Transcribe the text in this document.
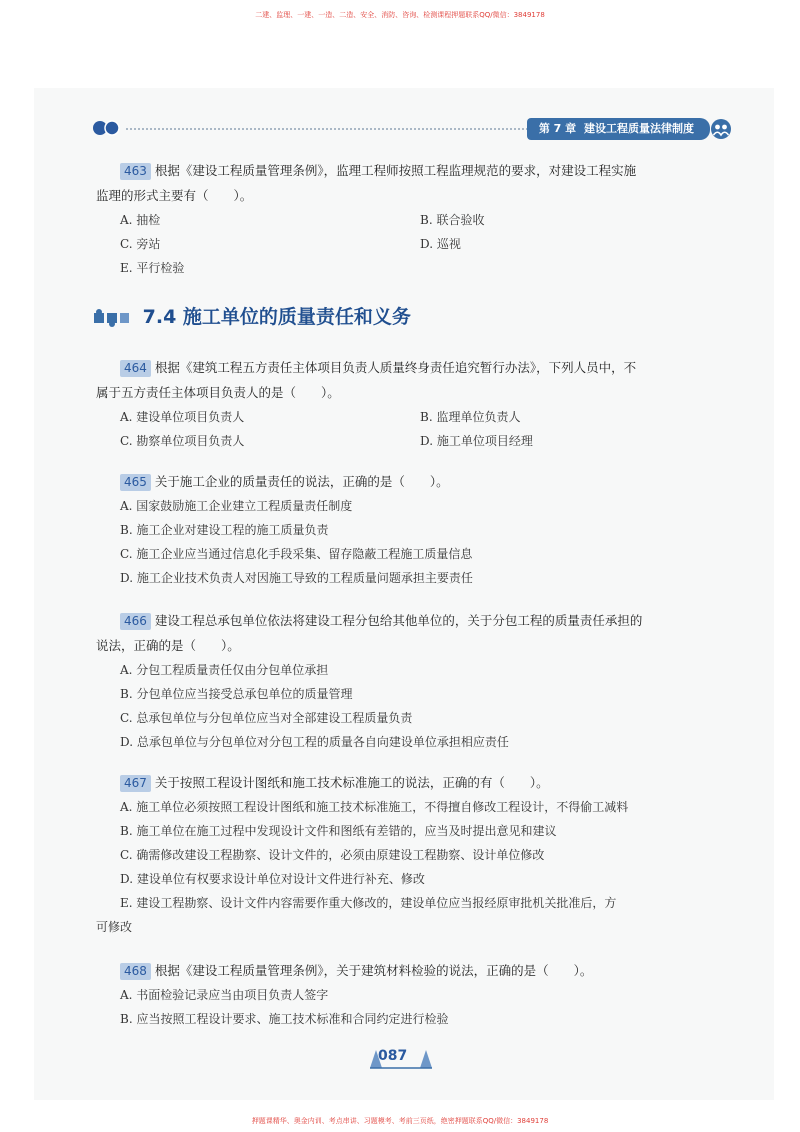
二建、监理、一建、一造、二造、安全、消防、咨询、检测课程押题联系QQ/微信：3849178
第 7 章 建设工程质量法律制度
463 根据《建设工程质量管理条例》，监理工程师按照工程监理规范的要求，对建设工程实施
监理的形式主要有（　　）。
A. 抽检	B. 联合验收
C. 旁站	D. 巡视
E. 平行检验
7.4 施工单位的质量责任和义务
464 根据《建筑工程五方责任主体项目负责人质量终身责任追究暂行办法》，下列人员中，不
属于五方责任主体项目负责人的是（　　）。
A. 建设单位项目负责人	B. 监理单位负责人
C. 勘察单位项目负责人	D. 施工单位项目经理
465 关于施工企业的质量责任的说法，正确的是（　　）。
A. 国家鼓励施工企业建立工程质量责任制度
B. 施工企业对建设工程的施工质量负责
C. 施工企业应当通过信息化手段采集、留存隐蔽工程施工质量信息
D. 施工企业技术负责人对因施工导致的工程质量问题承担主要责任
466 建设工程总承包单位依法将建设工程分包给其他单位的，关于分包工程的质量责任承担的
说法，正确的是（　　）。
A. 分包工程质量责任仅由分包单位承担
B. 分包单位应当接受总承包单位的质量管理
C. 总承包单位与分包单位应当对全部建设工程质量负责
D. 总承包单位与分包单位对分包工程的质量各自向建设单位承担相应责任
467 关于按照工程设计图纸和施工技术标准施工的说法，正确的有（　　）。
A. 施工单位必须按照工程设计图纸和施工技术标准施工，不得擅自修改工程设计，不得偷工减料
B. 施工单位在施工过程中发现设计文件和图纸有差错的，应当及时提出意见和建议
C. 确需修改建设工程勘察、设计文件的，必须由原建设工程勘察、设计单位修改
D. 建设单位有权要求设计单位对设计文件进行补充、修改
E. 建设工程勘察、设计文件内容需要作重大修改的，建设单位应当报经原审批机关批准后，方
可修改
468 根据《建设工程质量管理条例》，关于建筑材料检验的说法，正确的是（　　）。
A. 书面检验记录应当由项目负责人签字
B. 应当按照工程设计要求、施工技术标准和合同约定进行检验
087
押题课精华、奥金内训、考点串讲、习题模考、考前三页纸，绝密押题联系QQ/微信：3849178
